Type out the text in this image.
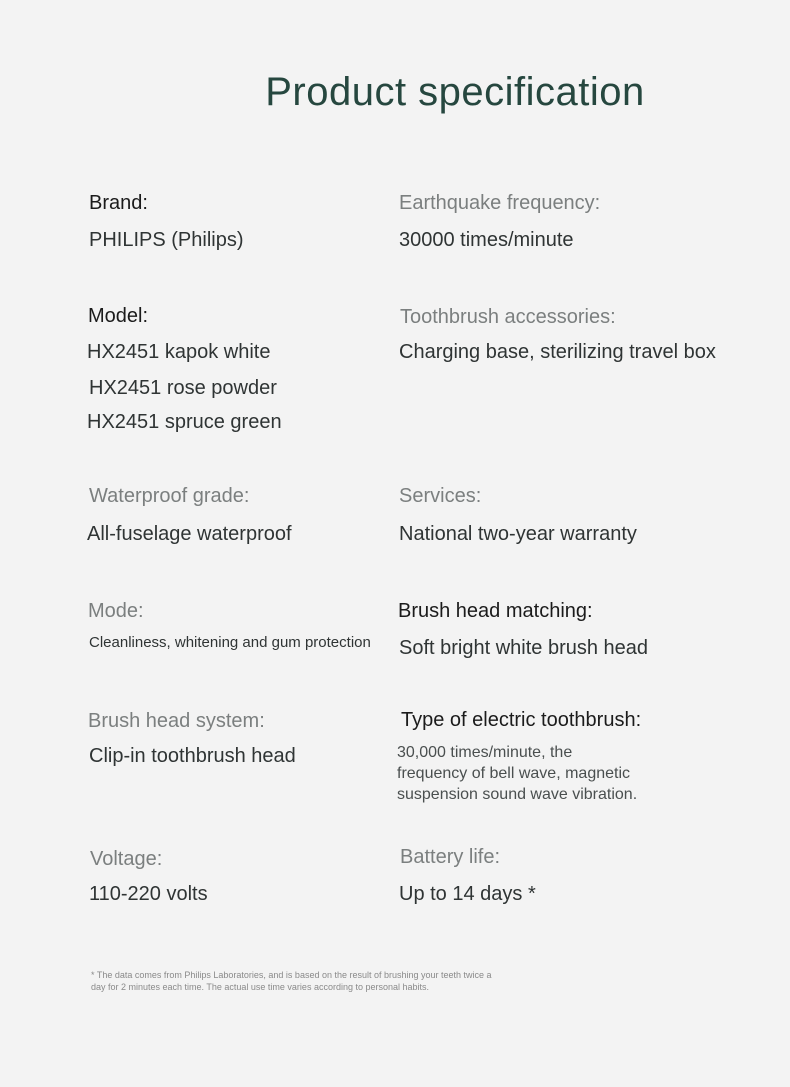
Product specification
Brand:
PHILIPS (Philips)
Model:
HX2451 kapok white
HX2451 rose powder
HX2451 spruce green
Waterproof grade:
All-fuselage waterproof
Mode:
Cleanliness, whitening and gum protection
Brush head system:
Clip-in toothbrush head
Voltage:
110-220 volts
Earthquake frequency:
30000 times/minute
Toothbrush accessories:
Charging base, sterilizing travel box
Services:
National two-year warranty
Brush head matching:
Soft bright white brush head
Type of electric toothbrush:
30,000 times/minute, the
frequency of bell wave, magnetic
suspension sound wave vibration.
Battery life:
Up to 14 days *
* The data comes from Philips Laboratories, and is based on the result of brushing your teeth twice a
day for 2 minutes each time. The actual use time varies according to personal habits.
